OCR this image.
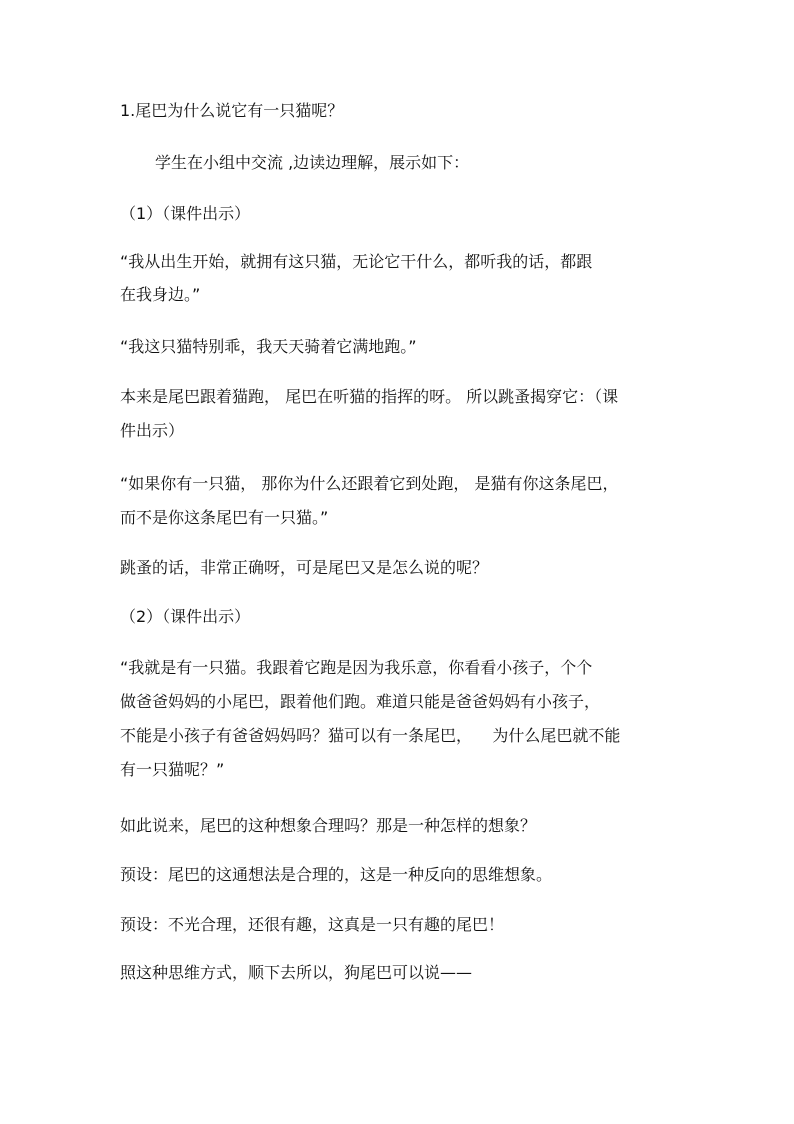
1.尾巴为什么说它有一只猫呢？
学生在小组中交流 ,边读边理解，展示如下：
（1）（课件出示）
“我从出生开始，就拥有这只猫，无论它干什么，都听我的话，都跟
在我身边。”
“我这只猫特别乖，我天天骑着它满地跑。”
本来是尾巴跟着猫跑， 尾巴在听猫的指挥的呀。 所以跳蚤揭穿它：（课
件出示）
“如果你有一只猫， 那你为什么还跟着它到处跑， 是猫有你这条尾巴，
而不是你这条尾巴有一只猫。”
跳蚤的话，非常正确呀，可是尾巴又是怎么说的呢？
（2）（课件出示）
“我就是有一只猫。我跟着它跑是因为我乐意，你看看小孩子，个个
做爸爸妈妈的小尾巴，跟着他们跑。难道只能是爸爸妈妈有小孩子，
不能是小孩子有爸爸妈妈吗？猫可以有一条尾巴，    为什么尾巴就不能
有一只猫呢？”
如此说来，尾巴的这种想象合理吗？那是一种怎样的想象？
预设：尾巴的这通想法是合理的，这是一种反向的思维想象。
预设：不光合理，还很有趣，这真是一只有趣的尾巴！
照这种思维方式，顺下去所以，狗尾巴可以说——
